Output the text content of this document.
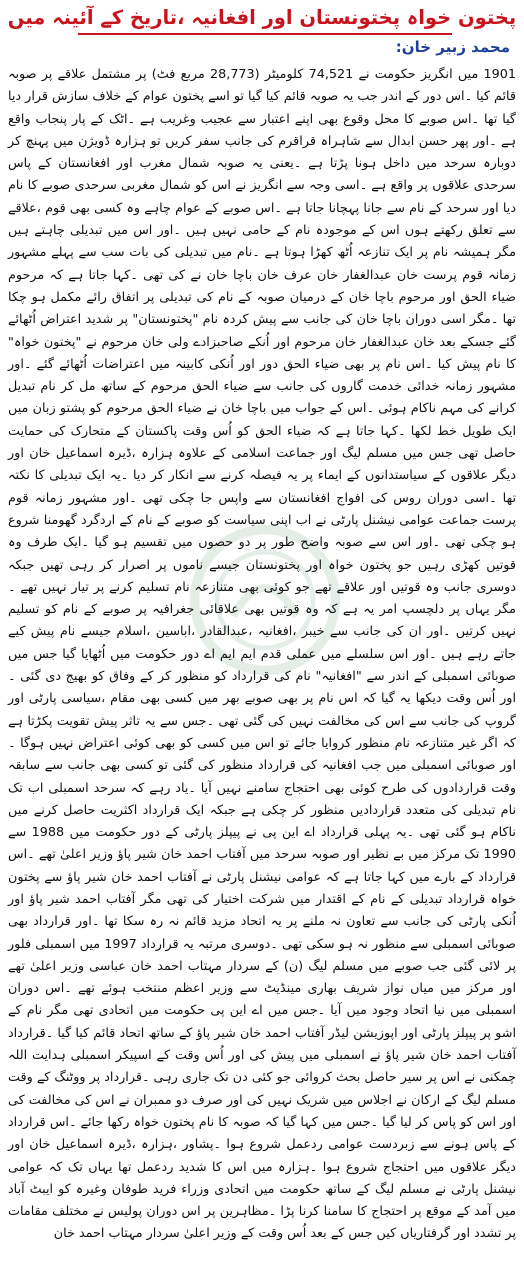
پختون خواہ پختونستان اور افغانیہ ،تاریخ کے آئینہ میں
محمد زبیر خان:

1901 میں انگریز حکومت نے 74,521 کلومیٹر (28,773 مربع فٹ) پر مشتمل علاقے پر صوبہ قائم کیا ۔اس دور کے اندر جب یہ صوبہ قائم کیا گیا تو اسے پختون عوام کے خلاف سازش قرار دیا گیا تھا ۔اس صوبے کا محل وقوع بھی اپنے اعتبار سے عجیب وغریب ہے ۔اٹک کے پار پنجاب واقع ہے ۔اور پھر حسن ابدال سے شاہراہ قراقرم کی جانب سفر کریں تو ہزارہ ڈویژن میں پہنچ کر دوبارہ سرحد میں داخل ہونا پڑتا ہے ۔یعنی یہ صوبہ شمال مغرب اور افغانستان کے پاس سرحدی علاقوں پر واقع ہے ۔اسی وجہ سے انگریز نے اس کو شمال مغربی سرحدی صوبے کا نام دیا اور سرحد کے نام سے جانا پہچانا جاتا ہے ۔اس صوبے کے عوام چاہے وہ کسی بھی قوم ،علاقے سے تعلق رکھتے ہوں اس کے موجودہ نام کے حامی نہیں ہیں ۔اور اس میں تبدیلی چاہتے ہیں مگر ہمیشہ نام پر ایک تنازعہ اُٹھ کھڑا ہوتا ہے ۔نام میں تبدیلی کی بات سب سے پہلے مشہور زمانہ قوم پرست خان عبدالغفار خان عرف خان باچا خان نے کی تھی ۔کہا جاتا ہے کہ مرحوم ضیاء الحق اور مرحوم باچا خان کے درمیان صوبہ کے نام کی تبدیلی پر اتفاق رائے مکمل ہو چکا تھا ۔مگر اسی دوران باچا خان کی جانب سے پیش کردہ نام "پختونستان" پر شدید اعتراض اُٹھائے گئے جسکے بعد خان عبدالغفار خان مرحوم اور اُنکے صاحبزادے ولی خان مرحوم نے "پختون خواہ" کا نام پیش کیا ۔اس نام پر بھی ضیاء الحق دور اور اُنکی کابینہ میں اعتراضات اُٹھائے گئے ۔اور مشہور زمانہ خدائی خدمت گاروں کی جانب سے ضیاء الحق مرحوم کے ساتھ مل کر نام تبدیل کرانے کی مہم ناکام ہوئی ۔اس کے جواب میں باچا خان نے ضیاء الحق مرحوم کو پشتو زبان میں ایک طویل خط لکھا ۔کہا جاتا ہے کہ ضیاء الحق کو اُس وقت پاکستان کے متحارک کی حمایت حاصل تھی جس میں مسلم لیگ اور جماعت اسلامی کے علاوہ ہزارہ ،ڈیرہ اسماعیل خان اور دیگر علاقوں کے سیاستدانوں کے ایماء پر یہ فیصلہ کرنے سے انکار کر دیا ۔یہ ایک تبدیلی کا نکتہ تھا ۔اسی دوران روس کی افواج افغانستان سے واپس جا چکی تھی ۔اور مشہور زمانہ قوم پرست جماعت عوامی نیشنل پارٹی نے اب اپنی سیاست کو صوبے کے نام کے اردگرد گھومنا شروع ہو چکی تھی ۔اور اس سے صوبہ واضح طور پر دو حصوں میں تقسیم ہو گیا ۔ایک طرف وہ قوتیں کھڑی رہیں جو پختون خواہ اور پختونستان جیسے ناموں پر اصرار کر رہی تھیں جبکہ دوسری جانب وہ قوتیں اور علاقے تھے جو کوئی بھی متنازعہ نام تسلیم کرنے پر تیار نہیں تھے ۔مگر یہاں پر دلچسپ امر یہ ہے کہ وہ قوتیں بھی علاقائی جغرافیہ پر صوبے کے نام کو تسلیم نہیں کرتیں ۔اور ان کی جانب سے خیبر ،افغانیہ ،عبدالقادر ،اباسین ،اسلام جیسے نام پیش کیے جاتے رہے ہیں ۔اور اس سلسلے میں عملی قدم ایم ایم اے دور حکومت میں اُٹھایا گیا جس میں صوبائی اسمبلی کے اندر سے "افغانیہ" نام کی قرارداد کو منظور کر کے وفاق کو بھیج دی گئی ۔اور اُس وقت دیکھا یہ گیا کہ اس نام پر بھی صوبے بھر میں کسی بھی مقام ،سیاسی پارٹی اور گروپ کی جانب سے اس کی مخالفت نہیں کی گئی تھی ۔جس سے یہ تاثر پیش تقویت پکڑتا ہے کہ اگر غیر متنازعہ نام منظور کروایا جائے تو اس میں کسی کو بھی کوئی اعتراض نہیں ہوگا ۔اور صوبائی اسمبلی میں جب افغانیہ کی قرارداد منظور کی گئی تو کسی بھی جانب سے سابقہ وقت قراردادوں کی طرح کوئی بھی احتجاج سامنے نہیں آیا ۔یاد رہے کہ سرحد اسمبلی اب تک نام تبدیلی کی متعدد قراردادیں منظور کر چکی ہے جبکہ ایک قرارداد اکثریت حاصل کرنے میں ناکام ہو گئی تھی ۔یہ پہلی قرارداد اے این پی نے پیپلز پارٹی کے دور حکومت میں 1988 سے 1990 تک مرکز میں بے نظیر اور صوبہ سرحد میں آفتاب احمد خان شیر پاؤ وزیر اعلیٰ تھے ۔اس قرارداد کے بارے میں کہا جاتا ہے کہ عوامی نیشنل پارٹی نے آفتاب احمد خان شیر پاؤ سے پختون خواہ قرارداد تبدیلی کے نام کے اقتدار میں شرکت اختیار کی تھی مگر آفتاب احمد شیر پاؤ اور اُنکی پارٹی کی جانب سے تعاون نہ ملنے پر یہ اتحاد مزید قائم نہ رہ سکا تھا ۔اور قرارداد بھی صوبائی اسمبلی سے منظور نہ ہو سکی تھی ۔دوسری مرتبہ یہ قرارداد 1997 میں اسمبلی فلور پر لائی گئی جب صوبے میں مسلم لیگ (ن) کے سردار مہتاب احمد خان عباسی وزیر اعلیٰ تھے اور مرکز میں میاں نواز شریف بھاری مینڈیٹ سے وزیر اعظم منتخب ہوئے تھے ۔اس دوران اسمبلی میں نیا اتحاد وجود میں آیا ۔جس میں اے این پی حکومت میں اتحادی تھی مگر نام کے اشو پر پیپلز پارٹی اور اپوزیشن لیڈر آفتاب احمد خان شیر پاؤ کے ساتھ اتحاد قائم کیا گیا ۔قرارداد آفتاب احمد خان شیر پاؤ نے اسمبلی میں پیش کی اور اُس وقت کے اسپیکر اسمبلی ہدایت اللہ چمکنی نے اس پر سیر حاصل بحث کروائی جو کئی دن تک جاری رہی ۔قرارداد پر ووٹنگ کے وقت مسلم لیگ کے ارکان نے اجلاس میں شریک نہیں کی اور صرف دو ممبران نے اس کی مخالفت کی اور اس کو پاس کر لیا گیا ۔جس میں کہا گیا کہ صوبہ کا نام پختون خواہ رکھا جائے ۔اس قرارداد کے پاس ہونے سے زبردست عوامی ردعمل شروع ہوا ۔پشاور ،ہزارہ ،ڈیرہ اسماعیل خان اور دیگر علاقوں میں احتجاج شروع ہوا ۔ہزارہ میں اس کا شدید ردعمل تھا یہاں تک کہ عوامی نیشنل پارٹی نے مسلم لیگ کے ساتھ حکومت میں اتحادی وزراء فرید طوفان وغیرہ کو ایبٹ آباد میں آمد کے موقع پر احتجاج کا سامنا کرنا پڑا ۔مظاہرین پر اس دوران پولیس نے مختلف مقامات پر تشدد اور گرفتاریاں کیں جس کے بعد اُس وقت کے وزیر اعلیٰ سردار مہتاب احمد خان
